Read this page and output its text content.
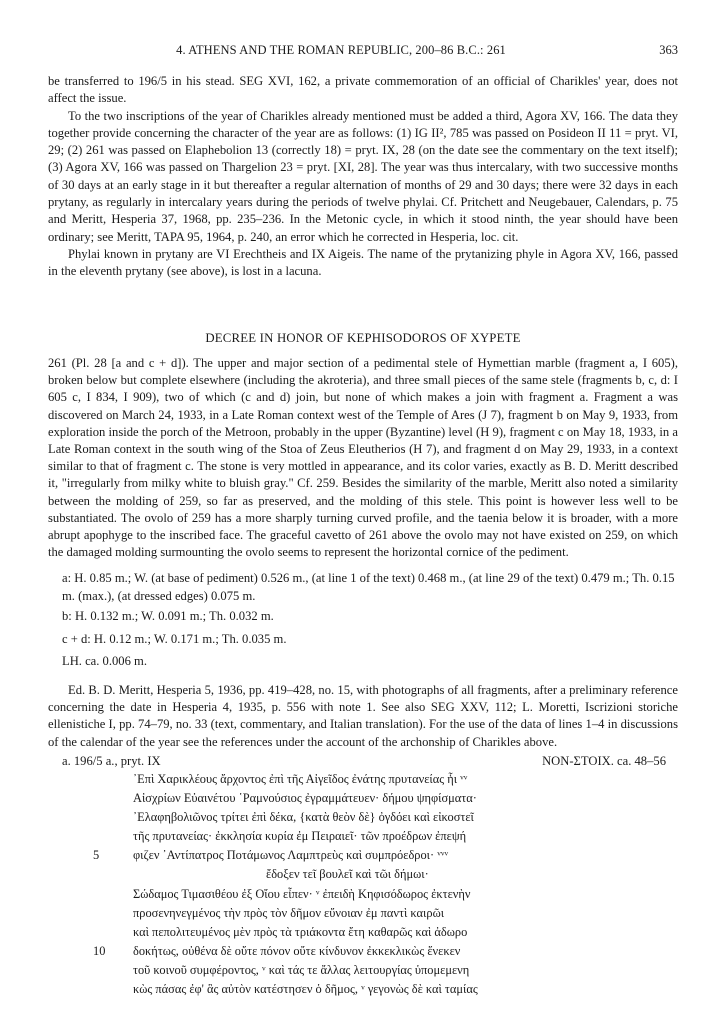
4. ATHENS AND THE ROMAN REPUBLIC, 200–86 B.C.: 261	363

be transferred to 196/5 in his stead. SEG XVI, 162, a private commemoration of an official of Charikles' year, does not affect the issue.

To the two inscriptions of the year of Charikles already mentioned must be added a third, Agora XV, 166. The data they together provide concerning the character of the year are as follows: (1) IG II², 785 was passed on Posideon II 11 = pryt. VI, 29; (2) 261 was passed on Elaphebolion 13 (correctly 18) = pryt. IX, 28 (on the date see the commentary on the text itself); (3) Agora XV, 166 was passed on Thargelion 23 = pryt. [XI, 28]. The year was thus intercalary, with two successive months of 30 days at an early stage in it but thereafter a regular alternation of months of 29 and 30 days; there were 32 days in each prytany, as regularly in intercalary years during the periods of twelve phylai. Cf. Pritchett and Neugebauer, Calendars, p. 75 and Meritt, Hesperia 37, 1968, pp. 235–236. In the Metonic cycle, in which it stood ninth, the year should have been ordinary; see Meritt, TAPA 95, 1964, p. 240, an error which he corrected in Hesperia, loc. cit.

Phylai known in prytany are VI Erechtheis and IX Aigeis. The name of the prytanizing phyle in Agora XV, 166, passed in the eleventh prytany (see above), is lost in a lacuna.

DECREE IN HONOR OF KEPHISODOROS OF XYPETE

261 (Pl. 28 [a and c + d]). The upper and major section of a pedimental stele of Hymettian marble (fragment a, I 605), broken below but complete elsewhere (including the akroteria), and three small pieces of the same stele (fragments b, c, d: I 605 c, I 834, I 909), two of which (c and d) join, but none of which makes a join with fragment a. Fragment a was discovered on March 24, 1933, in a Late Roman context west of the Temple of Ares (J 7), fragment b on May 9, 1933, from exploration inside the porch of the Metroon, probably in the upper (Byzantine) level (H 9), fragment c on May 18, 1933, in a Late Roman context in the south wing of the Stoa of Zeus Eleutherios (H 7), and fragment d on May 29, 1933, in a context similar to that of fragment c. The stone is very mottled in appearance, and its color varies, exactly as B. D. Meritt described it, "irregularly from milky white to bluish gray." Cf. 259. Besides the similarity of the marble, Meritt also noted a similarity between the molding of 259, so far as preserved, and the molding of this stele. This point is however less well to be substantiated. The ovolo of 259 has a more sharply turning curved profile, and the taenia below it is broader, with a more abrupt apophyge to the inscribed face. The graceful cavetto of 261 above the ovolo may not have existed on 259, on which the damaged molding surmounting the ovolo seems to represent the horizontal cornice of the pediment.

a: H. 0.85 m.; W. (at base of pediment) 0.526 m., (at line 1 of the text) 0.468 m., (at line 29 of the text) 0.479 m.; Th. 0.15 m. (max.), (at dressed edges) 0.075 m.

b: H. 0.132 m.; W. 0.091 m.; Th. 0.032 m.

c + d: H. 0.12 m.; W. 0.171 m.; Th. 0.035 m.

LH. ca. 0.006 m.

Ed. B. D. Meritt, Hesperia 5, 1936, pp. 419–428, no. 15, with photographs of all fragments, after a preliminary reference concerning the date in Hesperia 4, 1935, p. 556 with note 1. See also SEG XXV, 112; L. Moretti, Iscrizioni storiche ellenistiche I, pp. 74–79, no. 33 (text, commentary, and Italian translation). For the use of the data of lines 1–4 in discussions of the calendar of the year see the references under the account of the archonship of Charikles above.

a. 196/5 a., pryt. IX	NON-ΣΤΟΙΧ. ca. 48–56
᾿Επὶ Χαρικλέους ἄρχοντος ἐπὶ τῆς Αἰγεῖδος ἐνάτης πρυτανείας ἧι ᵛᵛ
Αἰσχρίων Εὐαινέτου ῾Ραμνούσιος ἐγραμμάτευεν· δήμου ψηφίσματα·
᾿Ελαφηβολιῶνος τρίτει ἐπὶ δέκα, {κατὰ θεὸν δὲ} ὀγδόει καὶ εἰκοστεῖ
τῆς πρυτανείας· ἐκκλησία κυρία ἐμ Πειραιεῖ· τῶν προέδρων ἐπεψή
5	φιζεν ᾿Αντίπατρος Ποτάμωνος Λαμπτρεὺς καὶ συμπρόεδροι· ᵛᵛᵛ
ἔδοξεν τεῖ βουλεῖ καὶ τῶι δήμωι·
Σώδαμος Τιμασιθέου ἐξ Οἴου εἶπεν· ᵛ ἐπειδὴ Κηφισόδωρος ἐκτενὴν
προσενηνεγμένος τὴν πρὸς τὸν δῆμον εὔνοιαν ἐμ παντὶ καιρῶι
καὶ πεπολιτευμένος μὲν πρὸς τὰ τριάκοντα ἔτη καθαρῶς καὶ ἀδωρο
10 δοκήτως, οὐθένα δὲ οὔτε πόνον οὔτε κίνδυνον ἐκκεκλικὼς ἕνεκεν
τοῦ κοινοῦ συμφέροντος, ᵛ καὶ τάς τε ἄλλας λειτουργίας ὑπομεμενη
κὼς πάσας ἐφ' ἃς αὐτὸν κατέστησεν ὁ δῆμος, ᵛ γεγονὼς δὲ καὶ ταμίας
